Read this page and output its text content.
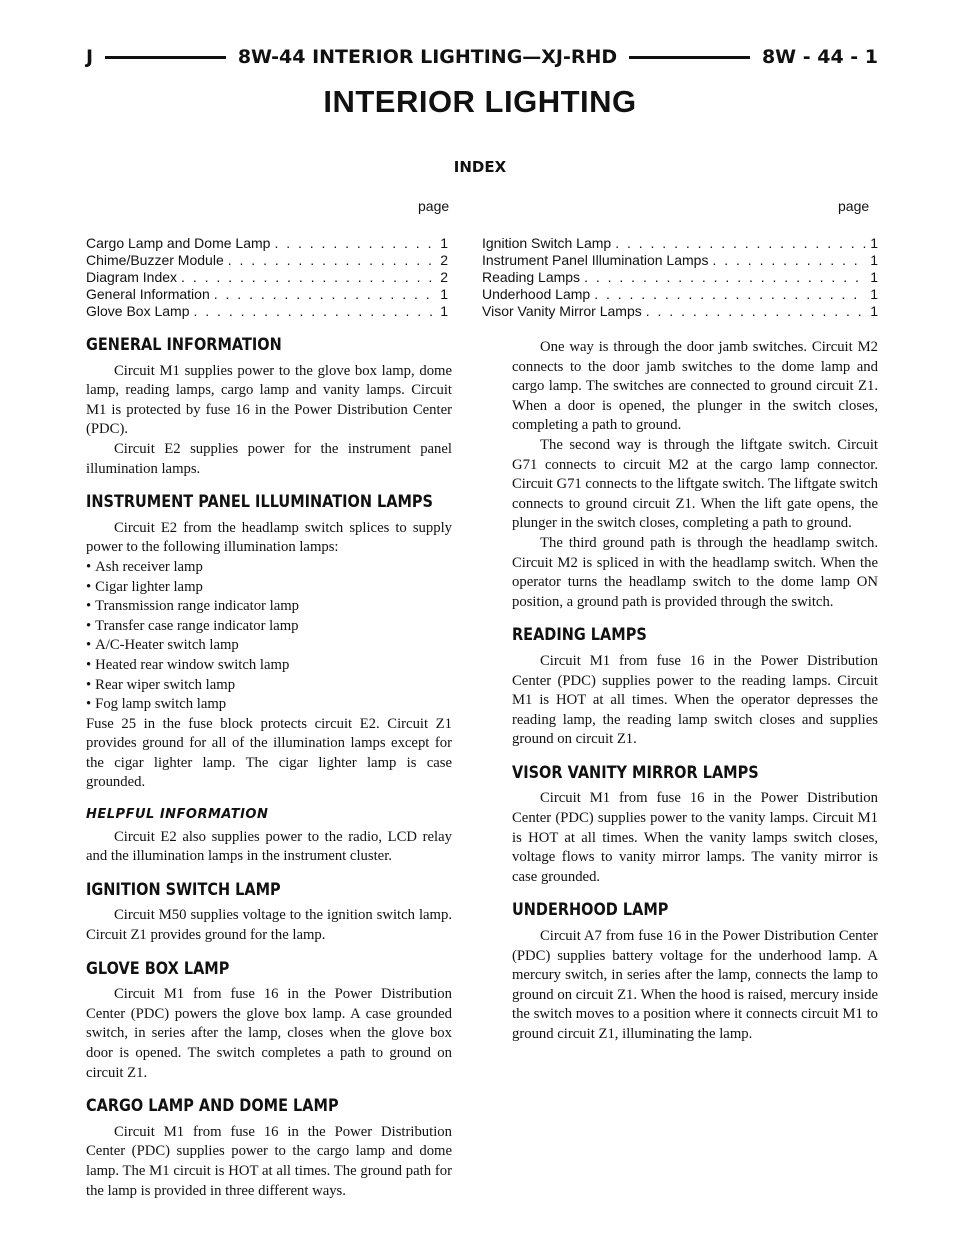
J	8W-44 INTERIOR LIGHTING—XJ-RHD	8W - 44 - 1
INTERIOR LIGHTING
INDEX
page	page
Cargo Lamp and Dome Lamp . . .	1
Chime/Buzzer Module . . .	2
Diagram Index . . .	2
General Information . . .	1
Glove Box Lamp . . .	1
Ignition Switch Lamp . . .	1
Instrument Panel Illumination Lamps . . .	1
Reading Lamps . . .	1
Underhood Lamp . . .	1
Visor Vanity Mirror Lamps . . .	1
GENERAL INFORMATION

Circuit M1 supplies power to the glove box lamp, dome lamp, reading lamps, cargo lamp and vanity lamps. Circuit M1 is protected by fuse 16 in the Power Distribution Center (PDC).

Circuit E2 supplies power for the instrument panel illumination lamps.

INSTRUMENT PANEL ILLUMINATION LAMPS

Circuit E2 from the headlamp switch splices to supply power to the following illumination lamps:

• Ash receiver lamp
• Cigar lighter lamp
• Transmission range indicator lamp
• Transfer case range indicator lamp
• A/C-Heater switch lamp
• Heated rear window switch lamp
• Rear wiper switch lamp
• Fog lamp switch lamp

Fuse 25 in the fuse block protects circuit E2. Circuit Z1 provides ground for all of the illumination lamps except for the cigar lighter lamp. The cigar lighter lamp is case grounded.

HELPFUL INFORMATION

Circuit E2 also supplies power to the radio, LCD relay and the illumination lamps in the instrument cluster.

IGNITION SWITCH LAMP

Circuit M50 supplies voltage to the ignition switch lamp. Circuit Z1 provides ground for the lamp.

GLOVE BOX LAMP

Circuit M1 from fuse 16 in the Power Distribution Center (PDC) powers the glove box lamp. A case grounded switch, in series after the lamp, closes when the glove box door is opened. The switch completes a path to ground on circuit Z1.

CARGO LAMP AND DOME LAMP

Circuit M1 from fuse 16 in the Power Distribution Center (PDC) supplies power to the cargo lamp and dome lamp. The M1 circuit is HOT at all times. The ground path for the lamp is provided in three different ways.

One way is through the door jamb switches. Circuit M2 connects to the door jamb switches to the dome lamp and cargo lamp. The switches are connected to ground circuit Z1. When a door is opened, the plunger in the switch closes, completing a path to ground.

The second way is through the liftgate switch. Circuit G71 connects to circuit M2 at the cargo lamp connector. Circuit G71 connects to the liftgate switch. The liftgate switch connects to ground circuit Z1. When the lift gate opens, the plunger in the switch closes, completing a path to ground.

The third ground path is through the headlamp switch. Circuit M2 is spliced in with the headlamp switch. When the operator turns the headlamp switch to the dome lamp ON position, a ground path is provided through the switch.

READING LAMPS

Circuit M1 from fuse 16 in the Power Distribution Center (PDC) supplies power to the reading lamps. Circuit M1 is HOT at all times. When the operator depresses the reading lamp, the reading lamp switch closes and supplies ground on circuit Z1.

VISOR VANITY MIRROR LAMPS

Circuit M1 from fuse 16 in the Power Distribution Center (PDC) supplies power to the vanity lamps. Circuit M1 is HOT at all times. When the vanity lamps switch closes, voltage flows to vanity mirror lamps. The vanity mirror is case grounded.

UNDERHOOD LAMP

Circuit A7 from fuse 16 in the Power Distribution Center (PDC) supplies battery voltage for the underhood lamp. A mercury switch, in series after the lamp, connects the lamp to ground on circuit Z1. When the hood is raised, mercury inside the switch moves to a position where it connects circuit M1 to ground circuit Z1, illuminating the lamp.
